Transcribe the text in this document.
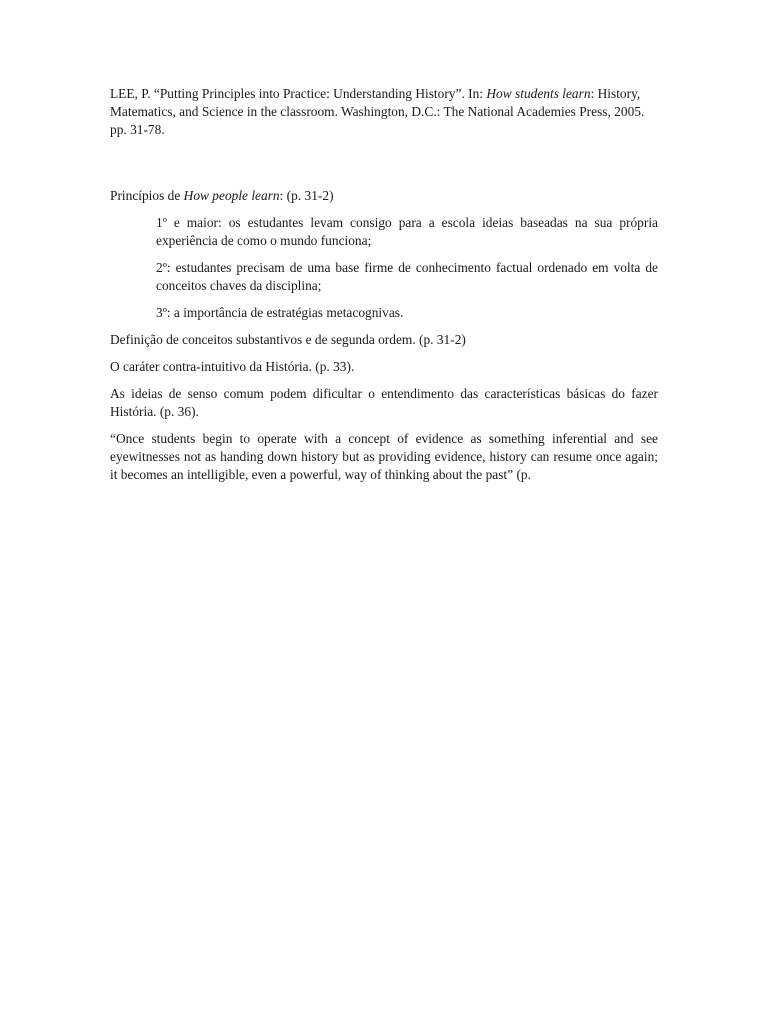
LEE, P. “Putting Principles into Practice: Understanding History”. In: How students learn: History, Matematics, and Science in the classroom. Washington, D.C.: The National Academies Press, 2005. pp. 31-78.

Princípios de How people learn: (p. 31-2)

1º e maior: os estudantes levam consigo para a escola ideias baseadas na sua própria experiência de como o mundo funciona;

2º: estudantes precisam de uma base firme de conhecimento factual ordenado em volta de conceitos chaves da disciplina;

3º: a importância de estratégias metacognivas.

Definição de conceitos substantivos e de segunda ordem. (p. 31-2)

O caráter contra-intuitivo da História. (p. 33).

As ideias de senso comum podem dificultar o entendimento das características básicas do fazer História. (p. 36).

“Once students begin to operate with a concept of evidence as something inferential and see eyewitnesses not as handing down history but as providing evidence, history can resume once again; it becomes an intelligible, even a powerful, way of thinking about the past” (p.
